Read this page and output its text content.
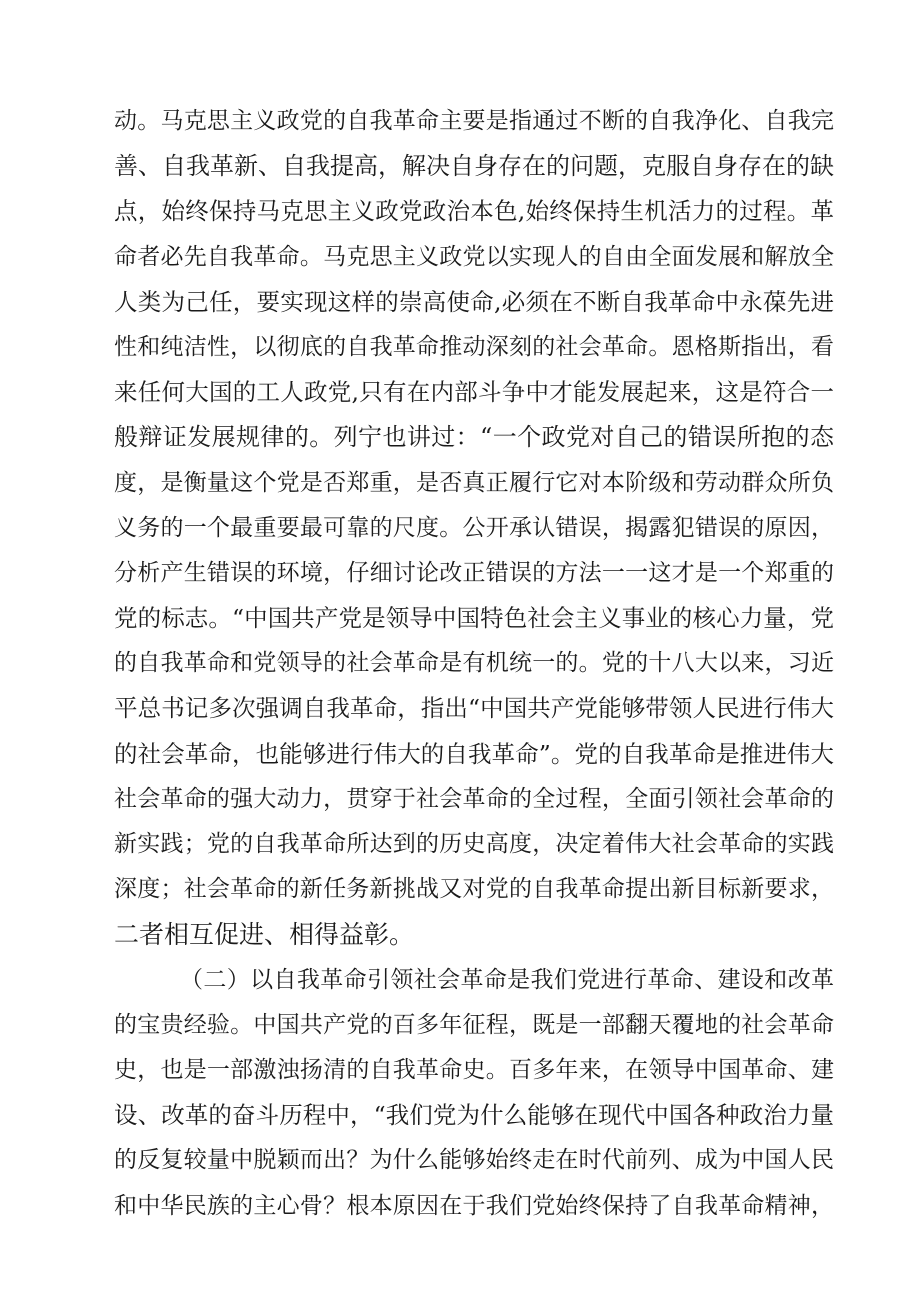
动。马克思主义政党的自我革命主要是指通过不断的自我净化、自我完
善、自我革新、自我提高，解决自身存在的问题，克服自身存在的缺
点，始终保持马克思主义政党政治本色,始终保持生机活力的过程。革
命者必先自我革命。马克思主义政党以实现人的自由全面发展和解放全
人类为己任，要实现这样的崇高使命,必须在不断自我革命中永葆先进
性和纯洁性，以彻底的自我革命推动深刻的社会革命。恩格斯指出，看
来任何大国的工人政党,只有在内部斗争中才能发展起来，这是符合一
般辩证发展规律的。列宁也讲过：“一个政党对自己的错误所抱的态
度，是衡量这个党是否郑重，是否真正履行它对本阶级和劳动群众所负
义务的一个最重要最可靠的尺度。公开承认错误，揭露犯错误的原因，
分析产生错误的环境，仔细讨论改正错误的方法一一这才是一个郑重的
党的标志。“中国共产党是领导中国特色社会主义事业的核心力量，党
的自我革命和党领导的社会革命是有机统一的。党的十八大以来，习近
平总书记多次强调自我革命，指出“中国共产党能够带领人民进行伟大
的社会革命，也能够进行伟大的自我革命”。党的自我革命是推进伟大
社会革命的强大动力，贯穿于社会革命的全过程，全面引领社会革命的
新实践；党的自我革命所达到的历史高度，决定着伟大社会革命的实践
深度；社会革命的新任务新挑战又对党的自我革命提出新目标新要求，
二者相互促进、相得益彰。
（二）以自我革命引领社会革命是我们党进行革命、建设和改革
的宝贵经验。中国共产党的百多年征程，既是一部翻天覆地的社会革命
史，也是一部激浊扬清的自我革命史。百多年来，在领导中国革命、建
设、改革的奋斗历程中，“我们党为什么能够在现代中国各种政治力量
的反复较量中脱颖而出？为什么能够始终走在时代前列、成为中国人民
和中华民族的主心骨？根本原因在于我们党始终保持了自我革命精神，
